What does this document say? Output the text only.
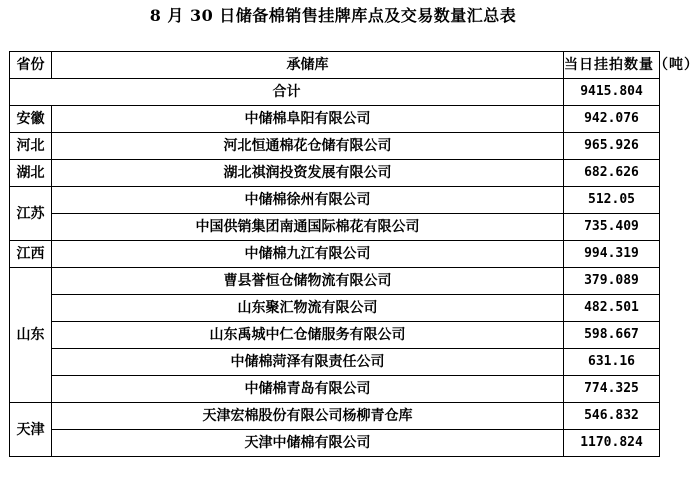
8 月 30 日储备棉销售挂牌库点及交易数量汇总表
省份	承储库	当日挂拍数量（吨）
合计		9415.804
安徽	中储棉阜阳有限公司	942.076
河北	河北恒通棉花仓储有限公司	965.926
湖北	湖北祺润投资发展有限公司	682.626
江苏	中储棉徐州有限公司	512.05
	中国供销集团南通国际棉花有限公司	735.409
江西	中储棉九江有限公司	994.319
山东	曹县誉恒仓储物流有限公司	379.089
	山东聚汇物流有限公司	482.501
	山东禹城中仁仓储服务有限公司	598.667
	中储棉菏泽有限责任公司	631.16
	中储棉青岛有限公司	774.325
天津	天津宏棉股份有限公司杨柳青仓库	546.832
	天津中储棉有限公司	1170.824
